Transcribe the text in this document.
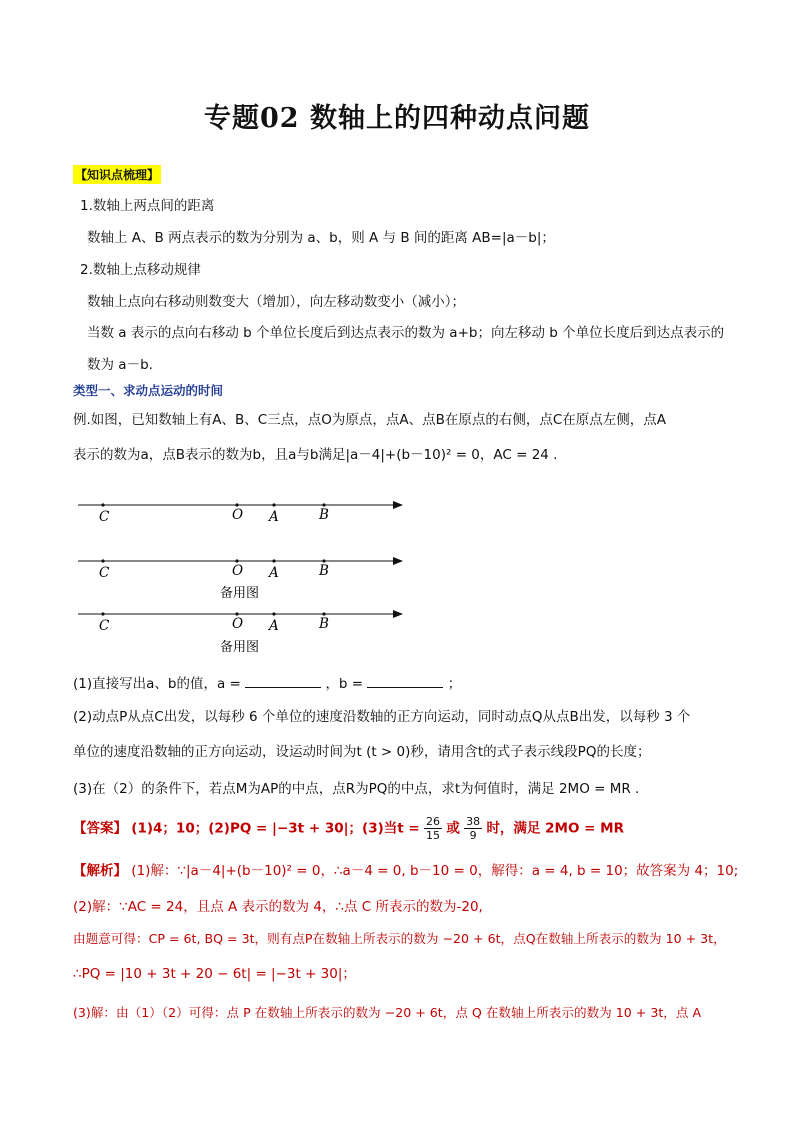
专题02 数轴上的四种动点问题
【知识点梳理】
1.数轴上两点间的距离
数轴上 A、B 两点表示的数为分别为 a、b，则 A 与 B 间的距离 AB=|a－b|；
2.数轴上点移动规律
数轴上点向右移动则数变大（增加），向左移动数变小（减小）；
当数 a 表示的点向右移动 b 个单位长度后到达点表示的数为 a+b；向左移动 b 个单位长度后到达点表示的
数为 a－b.
类型一、求动点运动的时间
例.如图，已知数轴上有A、B、C三点，点O为原点，点A、点B在原点的右侧，点C在原点左侧，点A
表示的数为a，点B表示的数为b，且a与b满足|a－4|+(b－10)² = 0，AC = 24 .
C	O A	B
C	O A	B
备用图
C	O A	B
备用图
(1)直接写出a、b的值，a =	，b =	；
(2)动点P从点C出发，以每秒 6 个单位的速度沿数轴的正方向运动，同时动点Q从点B出发，以每秒 3 个
单位的速度沿数轴的正方向运动，设运动时间为t (t > 0)秒，请用含t的式子表示线段PQ的长度；
(3)在（2）的条件下，若点M为AP的中点，点R为PQ的中点，求t为何值时，满足 2MO = MR .
【答案】 (1)4；10；(2)PQ = |−3t + 30|；(3)当$t = \frac{26}{15}$ 或 $\frac{38}{9}$ 时，满足 2MO = MR
【解析】 (1)解：∵|a－4|+(b－10)² = 0，∴a－4 = 0, b－10 = 0，解得：a = 4, b = 10；故答案为 4；10;
(2)解：∵AC = 24，且点 A 表示的数为 4，∴点 C 所表示的数为-20,
由题意可得：CP = 6t, BQ = 3t，则有点P在数轴上所表示的数为 −20 + 6t，点Q在数轴上所表示的数为 10 + 3t，
∴PQ = |10 + 3t + 20 − 6t| = |−3t + 30|；
(3)解：由（1）（2）可得：点 P 在数轴上所表示的数为 −20 + 6t，点 Q 在数轴上所表示的数为 10 + 3t，点 A
